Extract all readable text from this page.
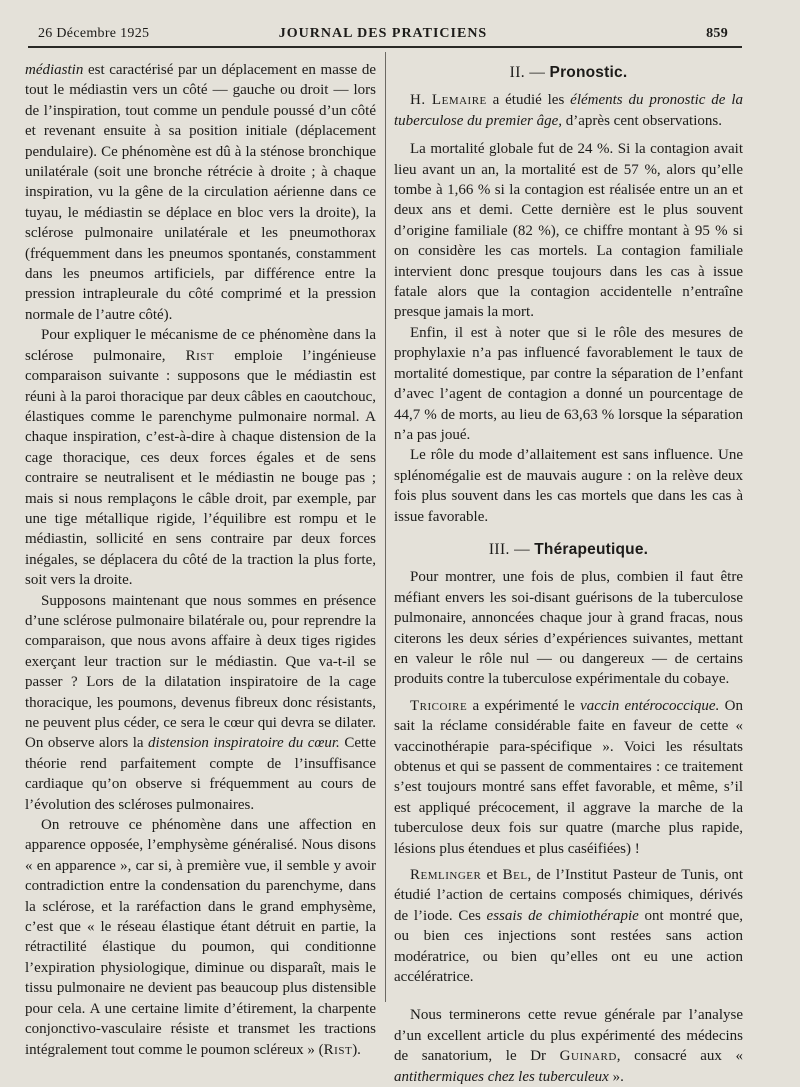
26 Décembre 1925	JOURNAL DES PRATICIENS	859

médiastin est caractérisé par un déplacement en masse de tout le médiastin vers un côté — gauche ou droit — lors de l’inspiration, tout comme un pendule poussé d’un côté et revenant ensuite à sa position initiale (déplacement pendulaire). Ce phénomène est dû à la sténose bronchique unilatérale (soit une bronche rétrécie à droite ; à chaque inspiration, vu la gêne de la circulation aérienne dans ce tuyau, le médiastin se déplace en bloc vers la droite), la sclérose pulmonaire unilatérale et les pneumothorax (fréquemment dans les pneumos spontanés, constamment dans les pneumos artificiels, par différence entre la pression intrapleurale du côté comprimé et la pression normale de l’autre côté).

Pour expliquer le mécanisme de ce phénomène dans la sclérose pulmonaire, Rist emploie l’ingénieuse comparaison suivante : supposons que le médiastin est réuni à la paroi thoracique par deux câbles en caoutchouc, élastiques comme le parenchyme pulmonaire normal. A chaque inspiration, c’est-à-dire à chaque distension de la cage thoracique, ces deux forces égales et de sens contraire se neutralisent et le médiastin ne bouge pas ; mais si nous remplaçons le câble droit, par exemple, par une tige métallique rigide, l’équilibre est rompu et le médiastin, sollicité en sens contraire par deux forces inégales, se déplacera du côté de la traction la plus forte, soit vers la droite.

Supposons maintenant que nous sommes en présence d’une sclérose pulmonaire bilatérale ou, pour reprendre la comparaison, que nous avons affaire à deux tiges rigides exerçant leur traction sur le médiastin. Que va-t-il se passer ? Lors de la dilatation inspiratoire de la cage thoracique, les poumons, devenus fibreux donc résistants, ne peuvent plus céder, ce sera le cœur qui devra se dilater. On observe alors la distension inspiratoire du cœur. Cette théorie rend parfaitement compte de l’insuffisance cardiaque qu’on observe si fréquemment au cours de l’évolution des scléroses pulmonaires.

On retrouve ce phénomène dans une affection en apparence opposée, l’emphysème généralisé. Nous disons « en apparence », car si, à première vue, il semble y avoir contradiction entre la condensation du parenchyme, dans la sclérose, et la raréfaction dans le grand emphysème, c’est que « le réseau élastique étant détruit en partie, la rétractilité élastique du poumon, qui conditionne l’expiration physiologique, diminue ou disparaît, mais le tissu pulmonaire ne devient pas beaucoup plus distensible pour cela. A une certaine limite d’étirement, la charpente conjonctivo-vasculaire résiste et transmet les tractions intégralement tout comme le poumon scléreux » (Rist).

II. — Pronostic.

H. Lemaire a étudié les éléments du pronostic de la tuberculose du premier âge, d’après cent observations.

La mortalité globale fut de 24 %. Si la contagion avait lieu avant un an, la mortalité est de 57 %, alors qu’elle tombe à 1,66 % si la contagion est réalisée entre un an et deux ans et demi. Cette dernière est le plus souvent d’origine familiale (82 %), ce chiffre montant à 95 % si on considère les cas mortels. La contagion familiale intervient donc presque toujours dans les cas à issue fatale alors que la contagion accidentelle n’entraîne presque jamais la mort.

Enfin, il est à noter que si le rôle des mesures de prophylaxie n’a pas influencé favorablement le taux de mortalité domestique, par contre la séparation de l’enfant d’avec l’agent de contagion a donné un pourcentage de 44,7 % de morts, au lieu de 63,63 % lorsque la séparation n’a pas joué.

Le rôle du mode d’allaitement est sans influence. Une splénomégalie est de mauvais augure : on la relève deux fois plus souvent dans les cas mortels que dans les cas à issue favorable.

III. — Thérapeutique.

Pour montrer, une fois de plus, combien il faut être méfiant envers les soi-disant guérisons de la tuberculose pulmonaire, annoncées chaque jour à grand fracas, nous citerons les deux séries d’expériences suivantes, mettant en valeur le rôle nul — ou dangereux — de certains produits contre la tuberculose expérimentale du cobaye.

Tricoire a expérimenté le vaccin entérococcique. On sait la réclame considérable faite en faveur de cette « vaccinothérapie para-spécifique ». Voici les résultats obtenus et qui se passent de commentaires : ce traitement s’est toujours montré sans effet favorable, et même, s’il est appliqué précocement, il aggrave la marche de la tuberculose deux fois sur quatre (marche plus rapide, lésions plus étendues et plus caséifiées) !

Remlinger et Bel, de l’Institut Pasteur de Tunis, ont étudié l’action de certains composés chimiques, dérivés de l’iode. Ces essais de chimiothérapie ont montré que, ou bien ces injections sont restées sans action modératrice, ou bien qu’elles ont eu une action accélératrice.

Nous terminerons cette revue générale par l’analyse d’un excellent article du plus expérimenté des médecins de sanatorium, le Dr Guinard, consacré aux « antithermiques chez les tuberculeux ».
